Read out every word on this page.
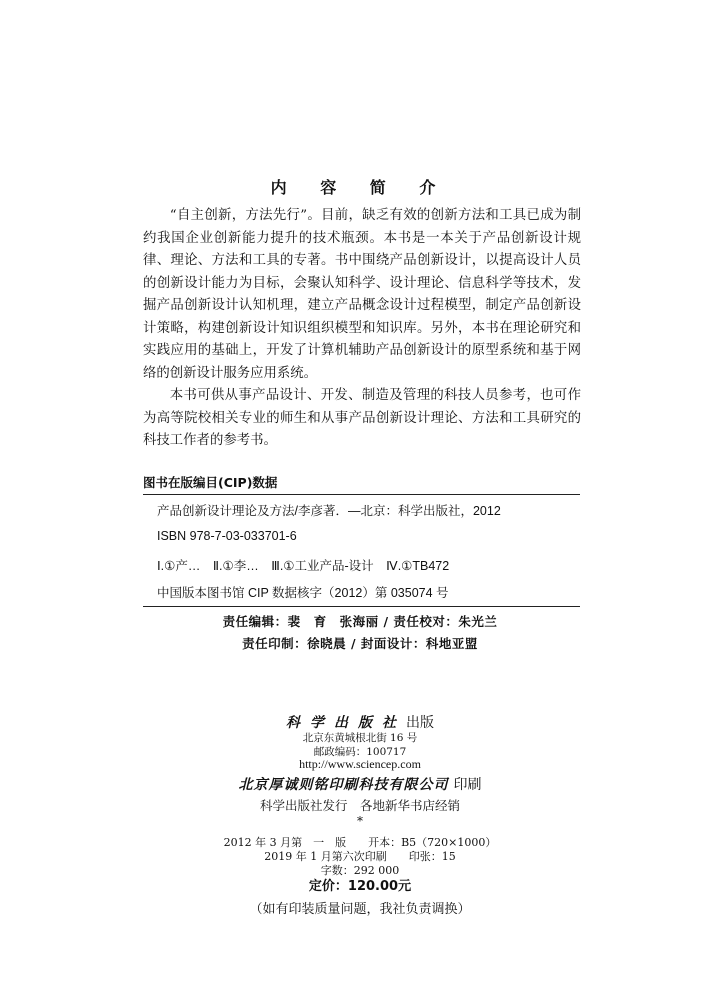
内 容 简 介

“自主创新，方法先行”。目前，缺乏有效的创新方法和工具已成为制约我国企业创新能力提升的技术瓶颈。本书是一本关于产品创新设计规律、理论、方法和工具的专著。书中围绕产品创新设计，以提高设计人员的创新设计能力为目标，会聚认知科学、设计理论、信息科学等技术，发掘产品创新设计认知机理，建立产品概念设计过程模型，制定产品创新设计策略，构建创新设计知识组织模型和知识库。另外，本书在理论研究和实践应用的基础上，开发了计算机辅助产品创新设计的原型系统和基于网络的创新设计服务应用系统。

本书可供从事产品设计、开发、制造及管理的科技人员参考，也可作为高等院校相关专业的师生和从事产品创新设计理论、方法和工具研究的科技工作者的参考书。

图书在版编目(CIP)数据
产品创新设计理论及方法/李彦著．—北京：科学出版社，2012
ISBN 978-7-03-033701-6
Ⅰ.①产…　Ⅱ.①李…　Ⅲ.①工业产品-设计　Ⅳ.①TB472
中国版本图书馆 CIP 数据核字（2012）第 035074 号
责任编辑：裴　育　张海丽 / 责任校对：朱光兰
责任印制：徐晓晨 / 封面设计：科地亚盟
科学出版社出版
北京东黄城根北街 16 号
邮政编码：100717
http://www.sciencep.com
北京厚诚则铭印刷科技有限公司 印刷
科学出版社发行　各地新华书店经销
*
2012 年 3 月第　一　版　　开本：B5（720×1000）
2019 年 1 月第六次印刷　　印张：15
字数：292 000
定价：120.00元
（如有印装质量问题，我社负责调换）
